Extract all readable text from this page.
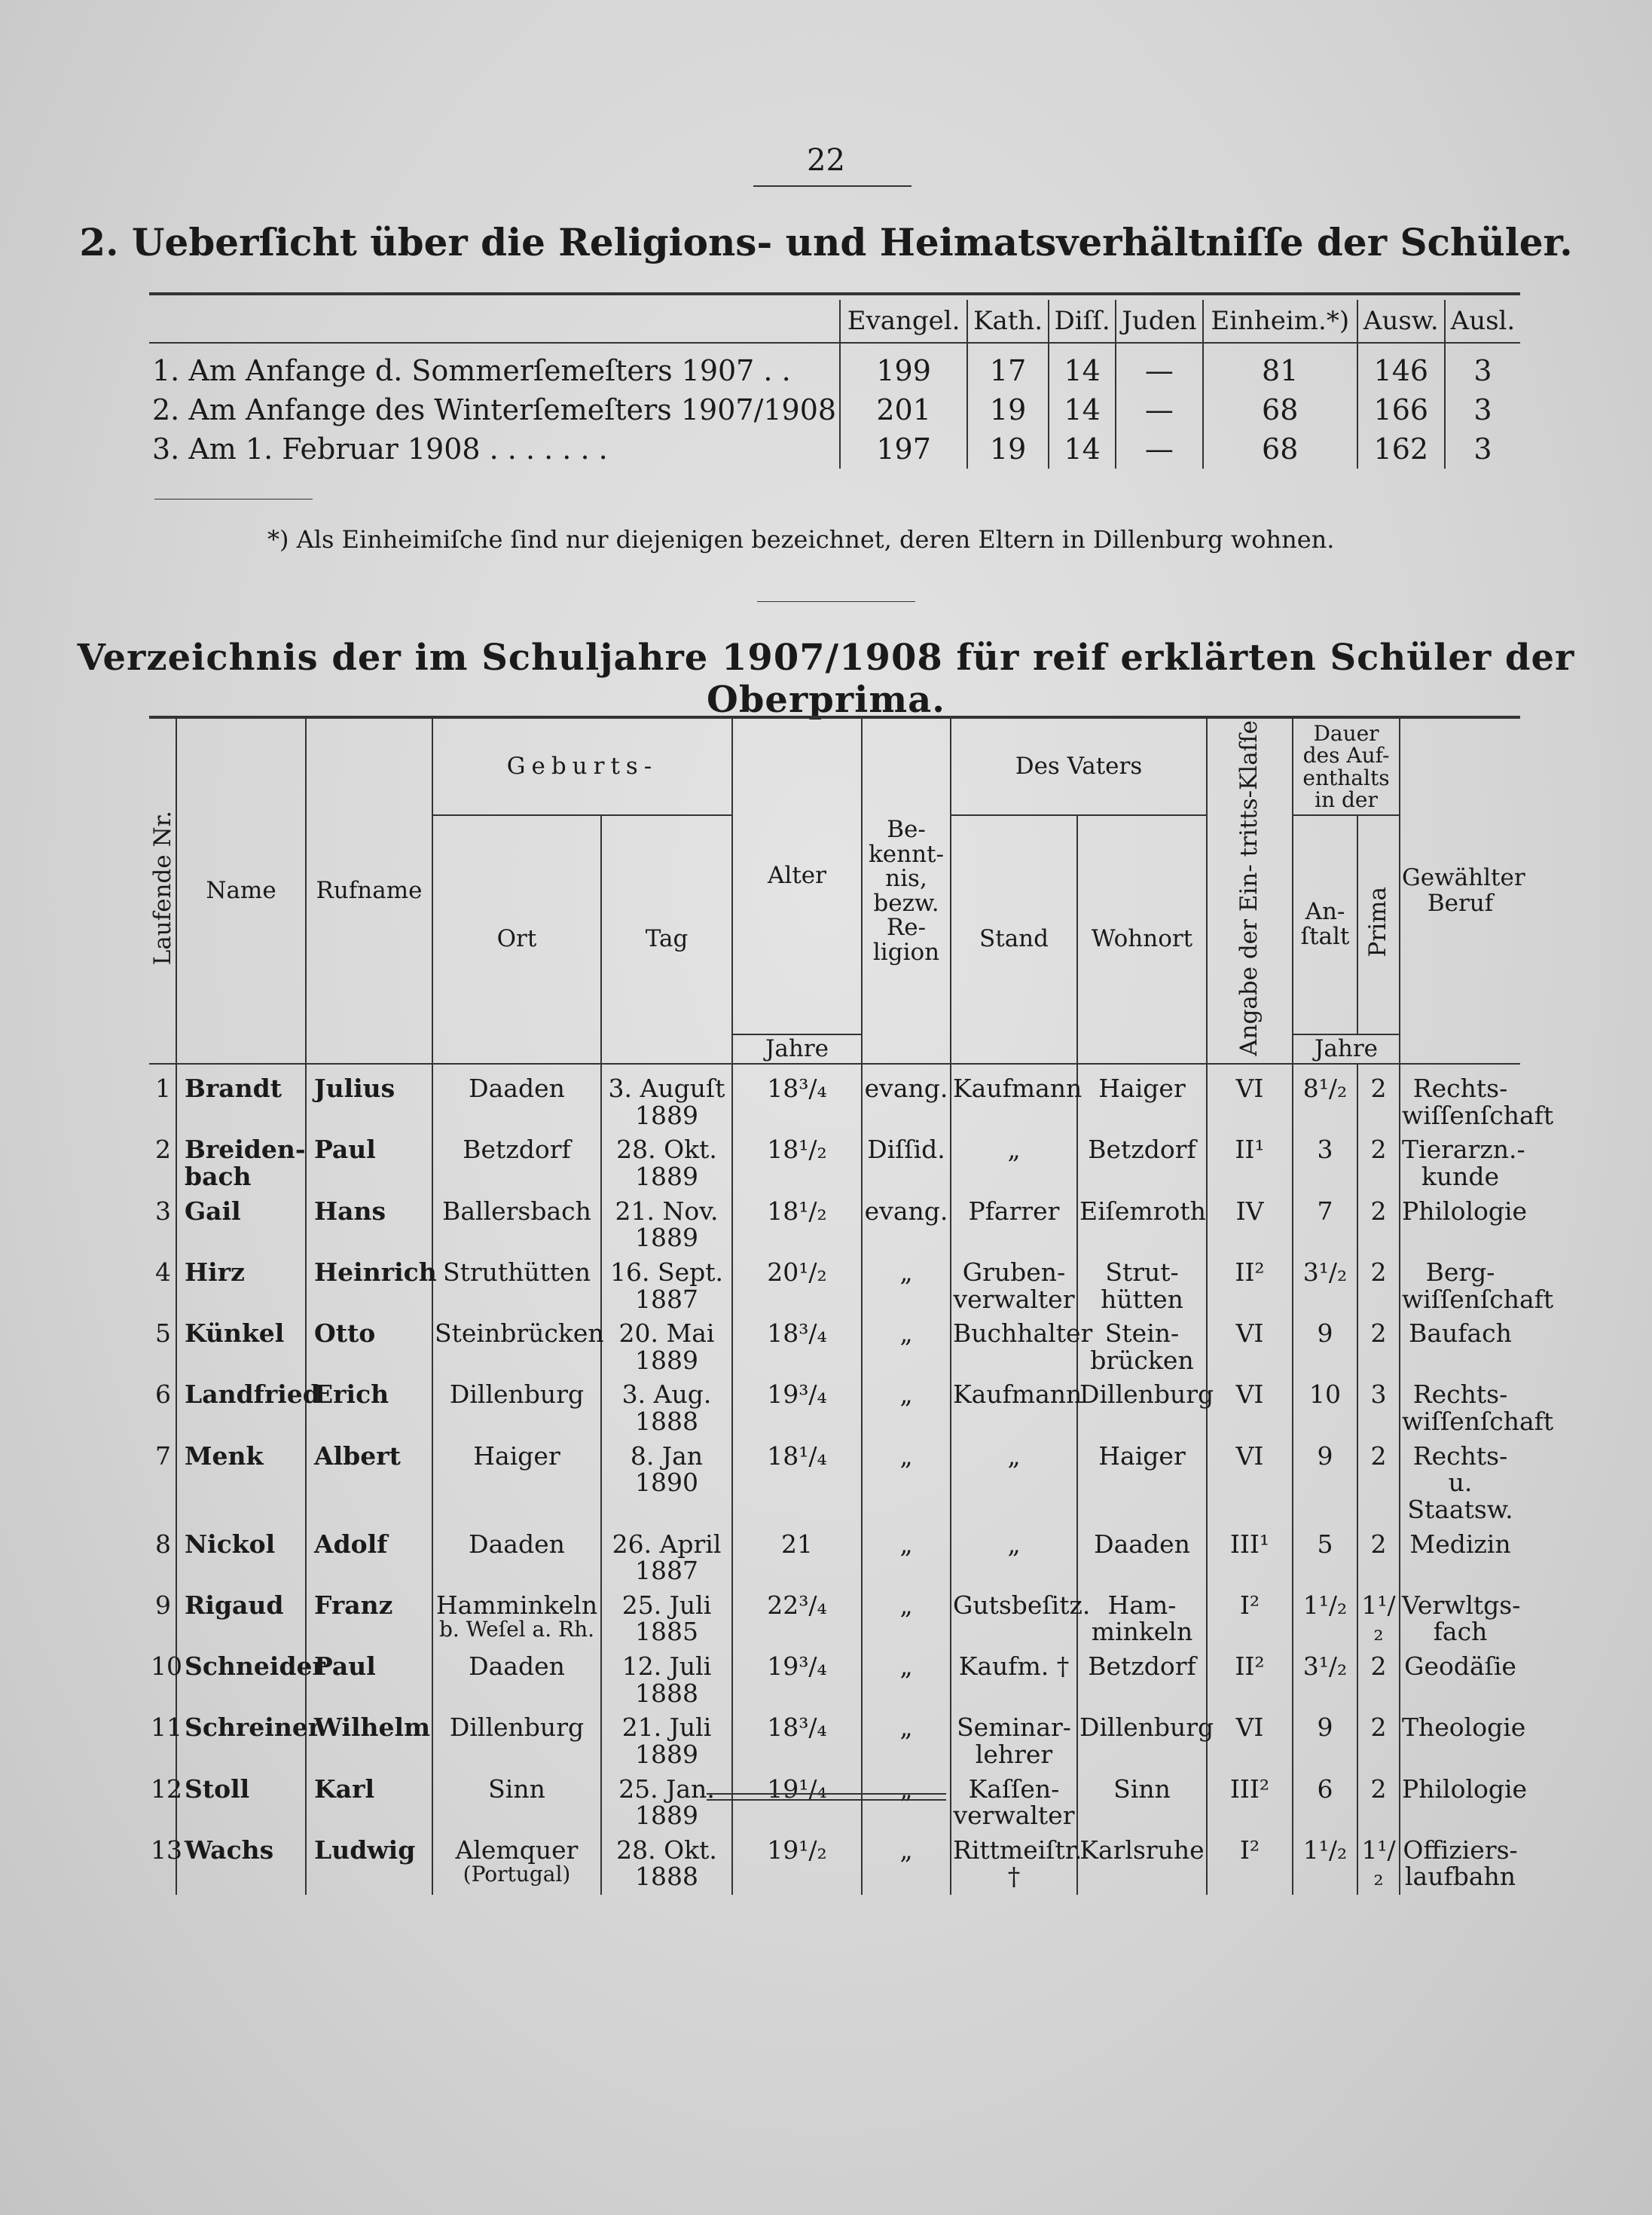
22
2. Ueberſicht über die Religions- und Heimatsverhältniſſe der Schüler.
	Evangel.	Kath.	Diſſ.	Juden	Einheim.*)	Ausw.	Ausl.
1. Am Anfange d. Sommerſemeſters 1907 . .	199	17	14	—	81	146	3
2. Am Anfange des Winterſemeſters 1907/1908	201	19	14	—	68	166	3
3. Am 1. Februar 1908 . . . . . . .	197	19	14	—	68	162	3
*) Als Einheimiſche ſind nur diejenigen bezeichnet, deren Eltern in Dillenburg wohnen.
Verzeichnis der im Schuljahre 1907/1908 für reif erklärten Schüler der Oberprima.
Laufende Nr.	Name	Rufname	Geburts-		Alter	Be- kennt- nis, bezw. Re- ligion	Des Vaters		Angabe der Ein- tritts-Klaſſe	Dauer des Auf- enthalts in der		Gewählter Beruf
			Ort	Tag			Stand	Wohnort		An- ſtalt	Prima	
					Jahre					Jahre		
1	Brandt	Julius	Daaden	3. Auguſt 1889	18³/₄	evang.	Kaufmann	Haiger	VI	8¹/₂	2	Rechts- wiſſenſchaft
2	Breiden- bach	Paul	Betzdorf	28. Okt. 1889	18¹/₂	Diſſid.	„	Betzdorf	II¹	3	2	Tierarzn.- kunde
3	Gail	Hans	Ballersbach	21. Nov. 1889	18¹/₂	evang.	Pfarrer	Eiſemroth	IV	7	2	Philologie
4	Hirz	Heinrich	Struthütten	16. Sept. 1887	20¹/₂	„	Gruben- verwalter	Strut- hütten	II²	3¹/₂	2	Berg- wiſſenſchaft
5	Künkel	Otto	Steinbrücken	20. Mai 1889	18³/₄	„	Buchhalter	Stein- brücken	VI	9	2	Baufach
6	Landfried	Erich	Dillenburg	3. Aug. 1888	19³/₄	„	Kaufmann	Dillenburg	VI	10	3	Rechts- wiſſenſchaft
7	Menk	Albert	Haiger	8. Jan 1890	18¹/₄	„	„	Haiger	VI	9	2	Rechts- u. Staatsw.
8	Nickol	Adolf	Daaden	26. April 1887	21	„	„	Daaden	III¹	5	2	Medizin
9	Rigaud	Franz	Hamminkeln
b. Weſel a. Rh.	25. Juli 1885	22³/₄	„	Gutsbeſitz.	Ham- minkeln	I²	1¹/₂	1¹/₂	Verwltgs- fach
10	Schneider	Paul	Daaden	12. Juli 1888	19³/₄	„	Kaufm. †	Betzdorf	II²	3¹/₂	2	Geodäſie
11	Schreiner	Wilhelm	Dillenburg	21. Juli 1889	18³/₄	„	Seminar- lehrer	Dillenburg	VI	9	2	Theologie
12	Stoll	Karl	Sinn	25. Jan. 1889	19¹/₄	„	Kaſſen- verwalter	Sinn	III²	6	2	Philologie
13	Wachs	Ludwig	Alemquer
(Portugal)	28. Okt. 1888	19¹/₂	„	Rittmeiſtr. †	Karlsruhe	I²	1¹/₂	1¹/₂	Offiziers- laufbahn
